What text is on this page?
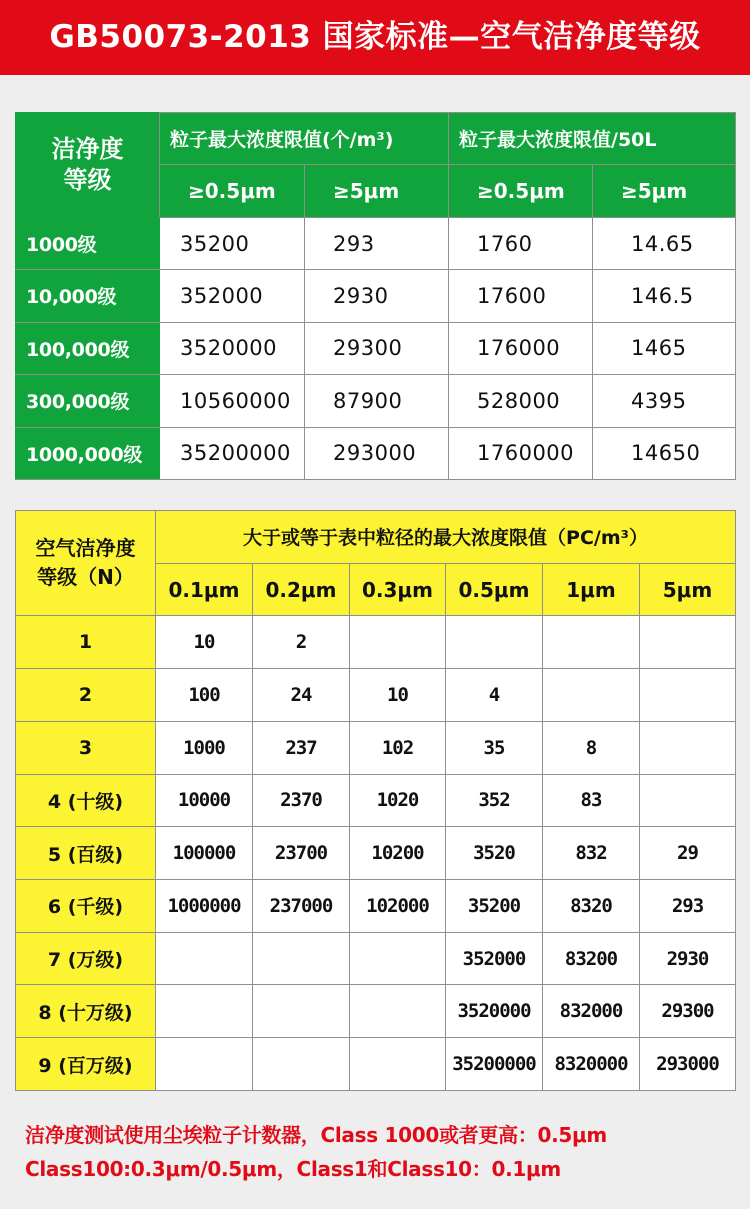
GB50073-2013 国家标准—空气洁净度等级
洁净度
等级	粒子最大浓度限值(个/m³)		粒子最大浓度限值/50L	
	≥0.5μm	≥5μm	≥0.5μm	≥5μm
1000级	35200	293	1760	14.65
10,000级	352000	2930	17600	146.5
100,000级	3520000	29300	176000	1465
300,000级	10560000	87900	528000	4395
1000,000级	35200000	293000	1760000	14650
空气洁净度
等级（N）	大于或等于表中粒径的最大浓度限值（PC/m³）					
	0.1μm	0.2μm	0.3μm	0.5μm	1μm	5μm
1	10	2				
2	100	24	10	4		
3	1000	237	102	35	8	
4 (十级)	10000	2370	1020	352	83	
5 (百级)	100000	23700	10200	3520	832	29
6 (千级)	1000000	237000	102000	35200	8320	293
7 (万级)				352000	83200	2930
8 (十万级)				3520000	832000	29300
9 (百万级)				35200000	8320000	293000
洁净度测试使用尘埃粒子计数器，Class 1000或者更高：0.5μm
Class100:0.3μm/0.5μm，Class1和Class10：0.1μm
